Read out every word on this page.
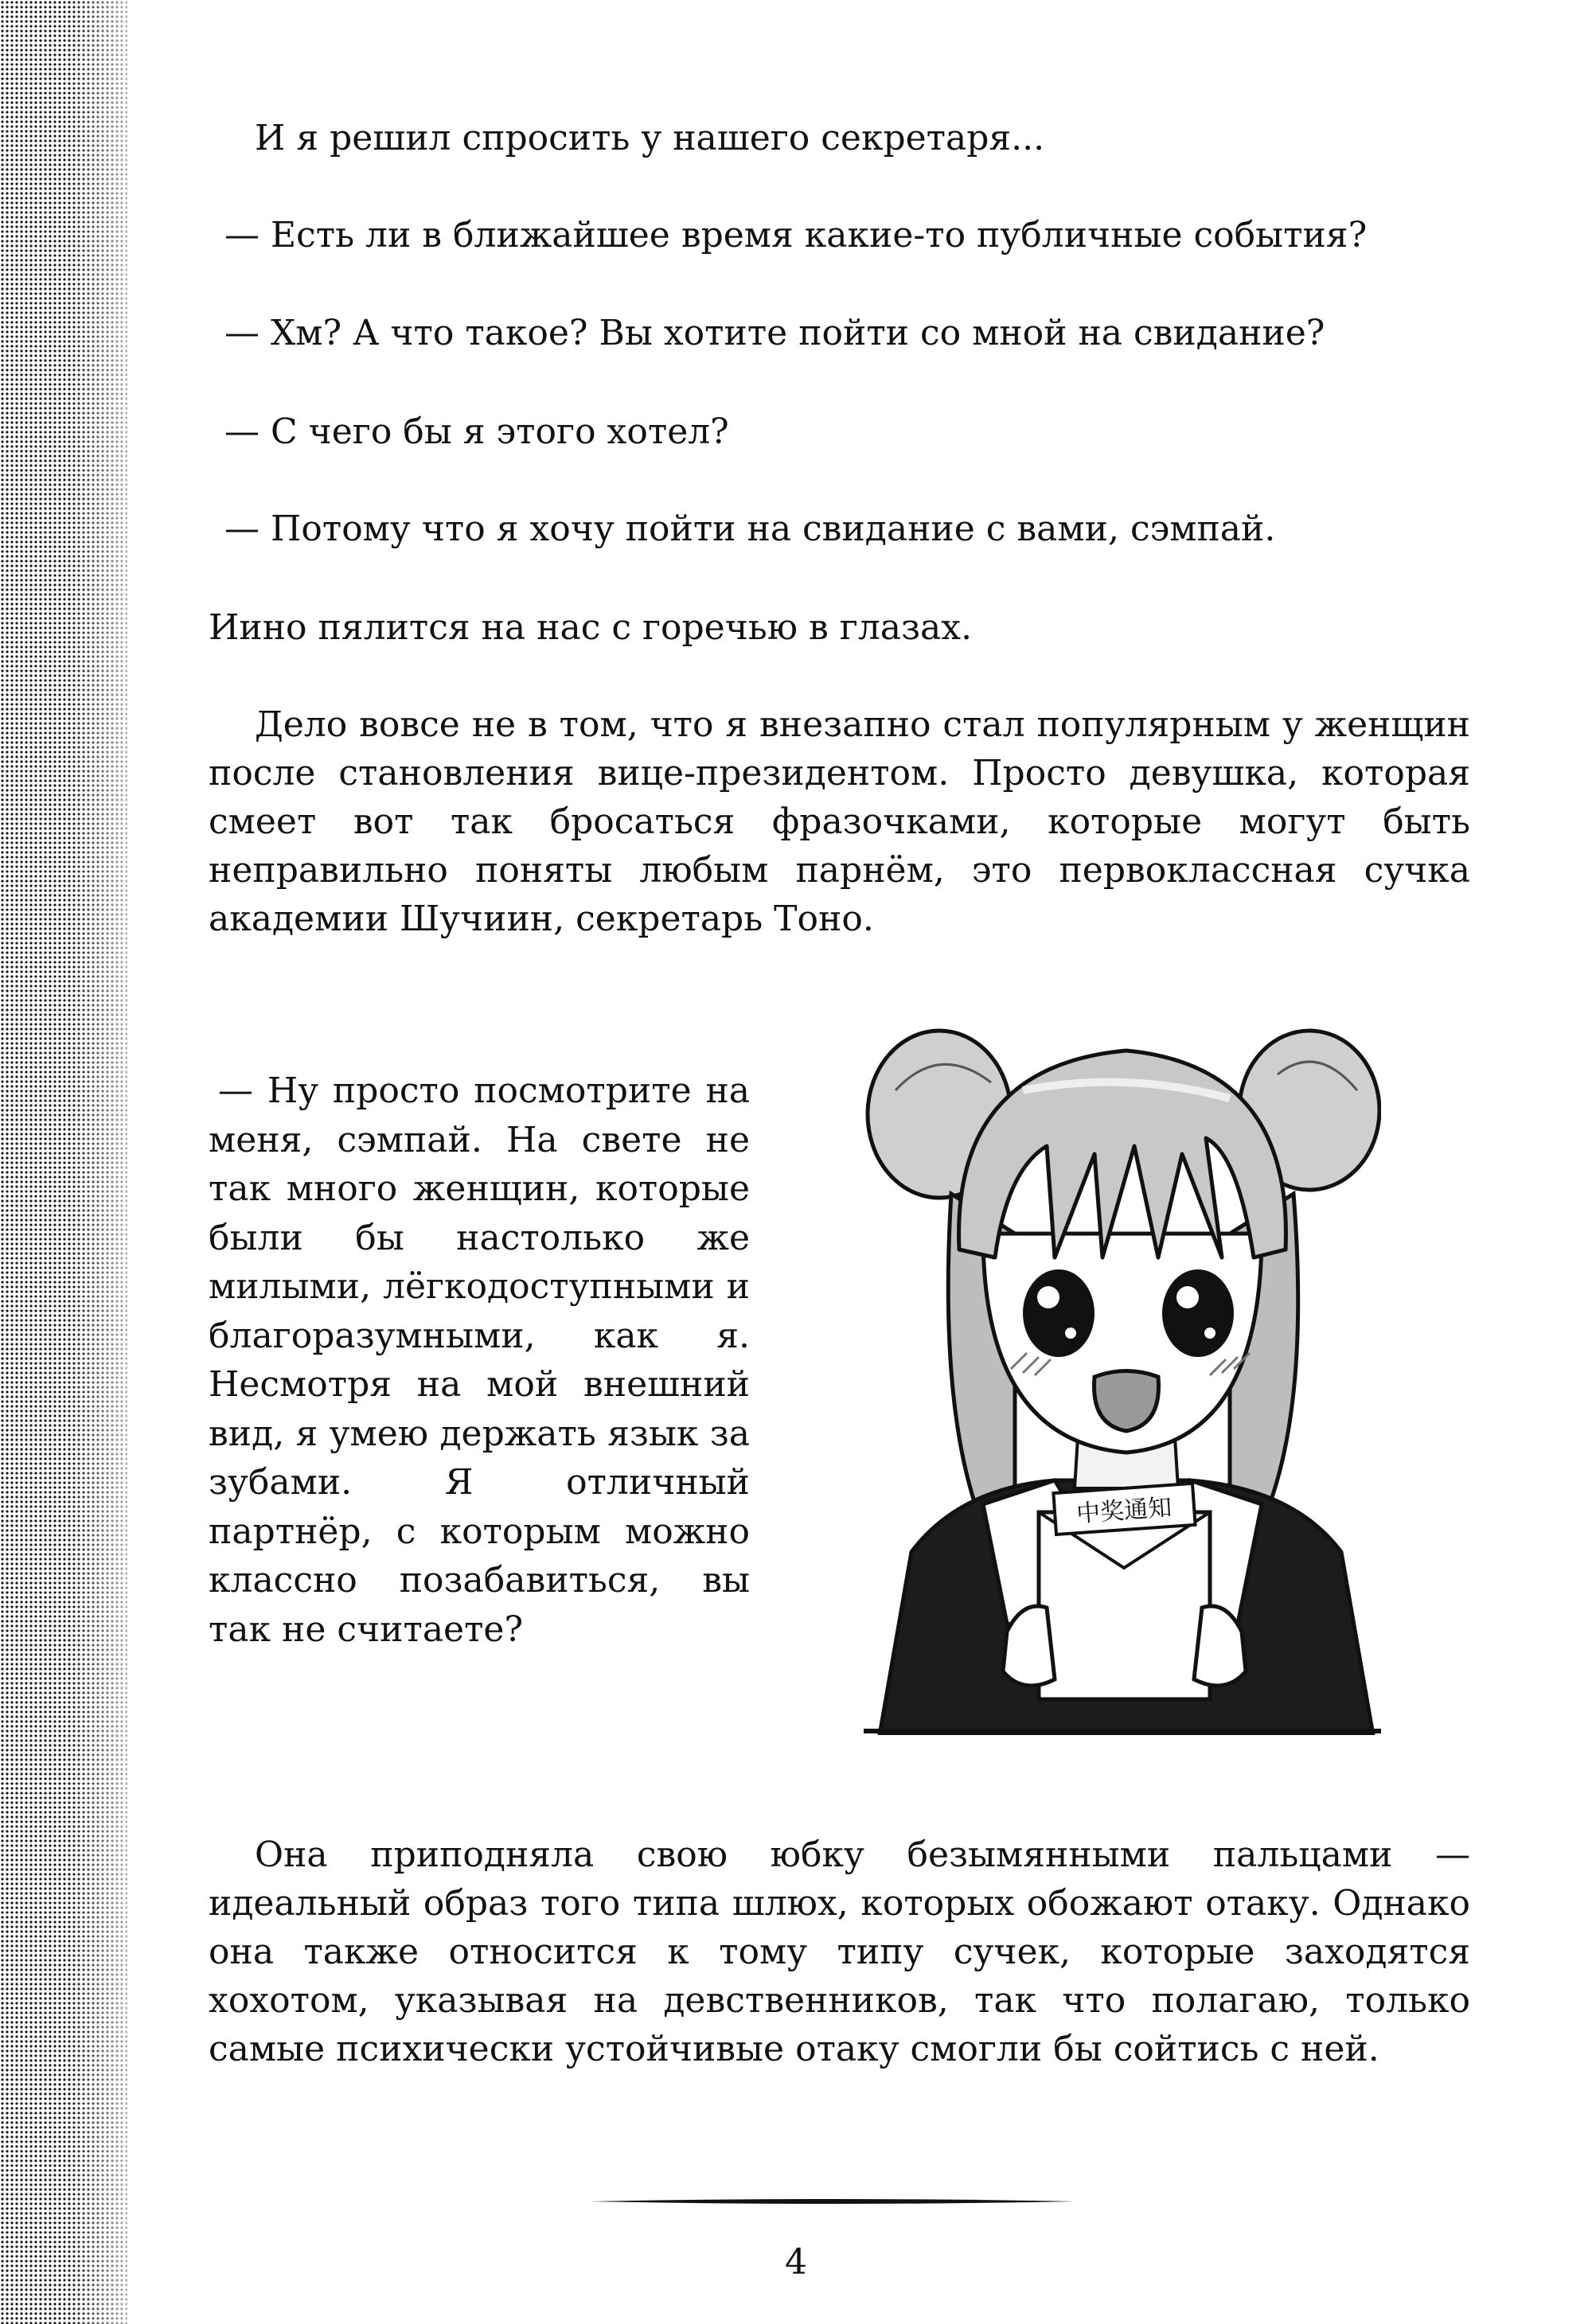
И я решил спросить у нашего секретаря...

— Есть ли в ближайшее время какие-то публичные события?

— Хм? А что такое? Вы хотите пойти со мной на свидание?

— С чего бы я этого хотел?

— Потому что я хочу пойти на свидание с вами, сэмпай.

Иино пялится на нас с горечью в глазах.

Дело вовсе не в том, что я внезапно стал популярным у женщин после становления вице-президентом. Просто девушка, которая смеет вот так бросаться фразочками, которые могут быть неправильно поняты любым парнём, это первоклассная сучка академии Шучиин, секретарь Тоно.

— Ну просто посмотрите на меня, сэмпай. На свете не так много женщин, которые были бы настолько же милыми, лёгкодоступными и благоразумными, как я. Несмотря на мой внешний вид, я умею держать язык за зубами. Я отличный партнёр, с которым можно классно позабавиться, вы так не считаете?

中奖通知

Она приподняла свою юбку безымянными пальцами — идеальный образ того типа шлюх, которых обожают отаку. Однако она также относится к тому типу сучек, которые заходятся хохотом, указывая на девственников, так что полагаю, только самые психически устойчивые отаку смогли бы сойтись с ней.

4
